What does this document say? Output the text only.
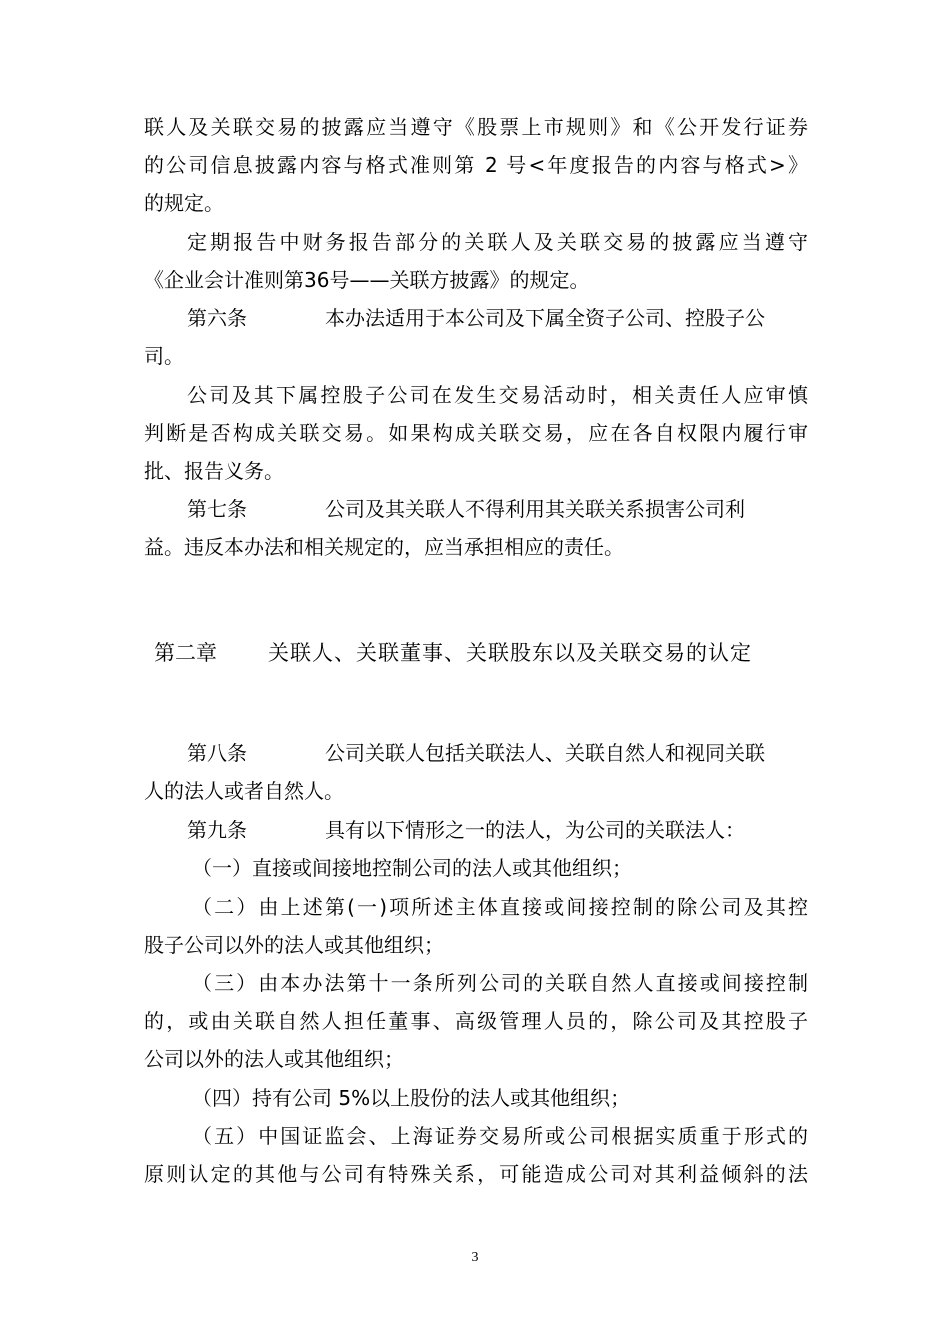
联人及关联交易的披露应当遵守《股票上市规则》和《公开发行证券
的公司信息披露内容与格式准则第 2 号<年度报告的内容与格式>》
的规定。
定期报告中财务报告部分的关联人及关联交易的披露应当遵守
《企业会计准则第36号——关联方披露》的规定。
第六条	本办法适用于本公司及下属全资子公司、控股子公
司。
公司及其下属控股子公司在发生交易活动时，相关责任人应审慎
判断是否构成关联交易。如果构成关联交易，应在各自权限内履行审
批、报告义务。
第七条	公司及其关联人不得利用其关联关系损害公司利
益。违反本办法和相关规定的，应当承担相应的责任。
第二章 关联人、关联董事、关联股东以及关联交易的认定
第八条	公司关联人包括关联法人、关联自然人和视同关联
人的法人或者自然人。
第九条	具有以下情形之一的法人，为公司的关联法人：
（一）直接或间接地控制公司的法人或其他组织；
（二）由上述第(一)项所述主体直接或间接控制的除公司及其控
股子公司以外的法人或其他组织；
（三）由本办法第十一条所列公司的关联自然人直接或间接控制
的，或由关联自然人担任董事、高级管理人员的，除公司及其控股子
公司以外的法人或其他组织；
（四）持有公司 5%以上股份的法人或其他组织；
（五）中国证监会、上海证券交易所或公司根据实质重于形式的
原则认定的其他与公司有特殊关系，可能造成公司对其利益倾斜的法
3
